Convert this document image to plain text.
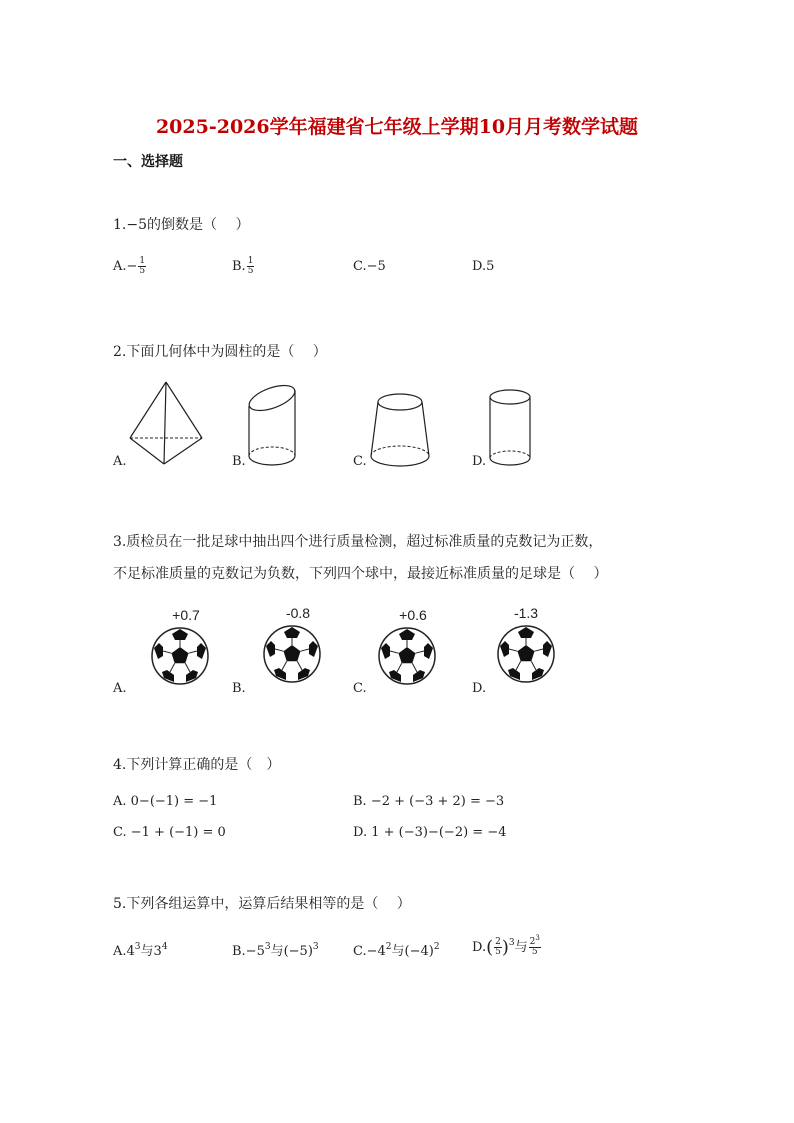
2025-2026学年福建省七年级上学期10月月考数学试题
一、选择题
1.−5的倒数是（　 ）
$A.- \frac{1}{5}$	B. $\frac{1}{5}$	C.−5	D.5
2.下面几何体中为圆柱的是（　 ）
A.	B.	C.	D.
3.质检员在一批足球中抽出四个进行质量检测，超过标准质量的克数记为正数，
不足标准质量的克数记为负数，下列四个球中，最接近标准质量的足球是（　 ）
A.	B.	C.	D.
+0.7	-0.8	+0.6	-1.3
4.下列计算正确的是（　）
A. 0−(−1) = −1	B. −2 + (−3 + 2) = −3
C. −1 + (−1) = 0	D. 1 + (−3)−(−2) = −4
5.下列各组运算中，运算后结果相等的是（　 ）
$A.4^3$与$3^4$	$B.-5^3$与$(-5)^3$	$C.-4^2$与$(-4)^2$ $D.( \frac{2}{5} )^3$与 $\frac{2^3}{5}$
